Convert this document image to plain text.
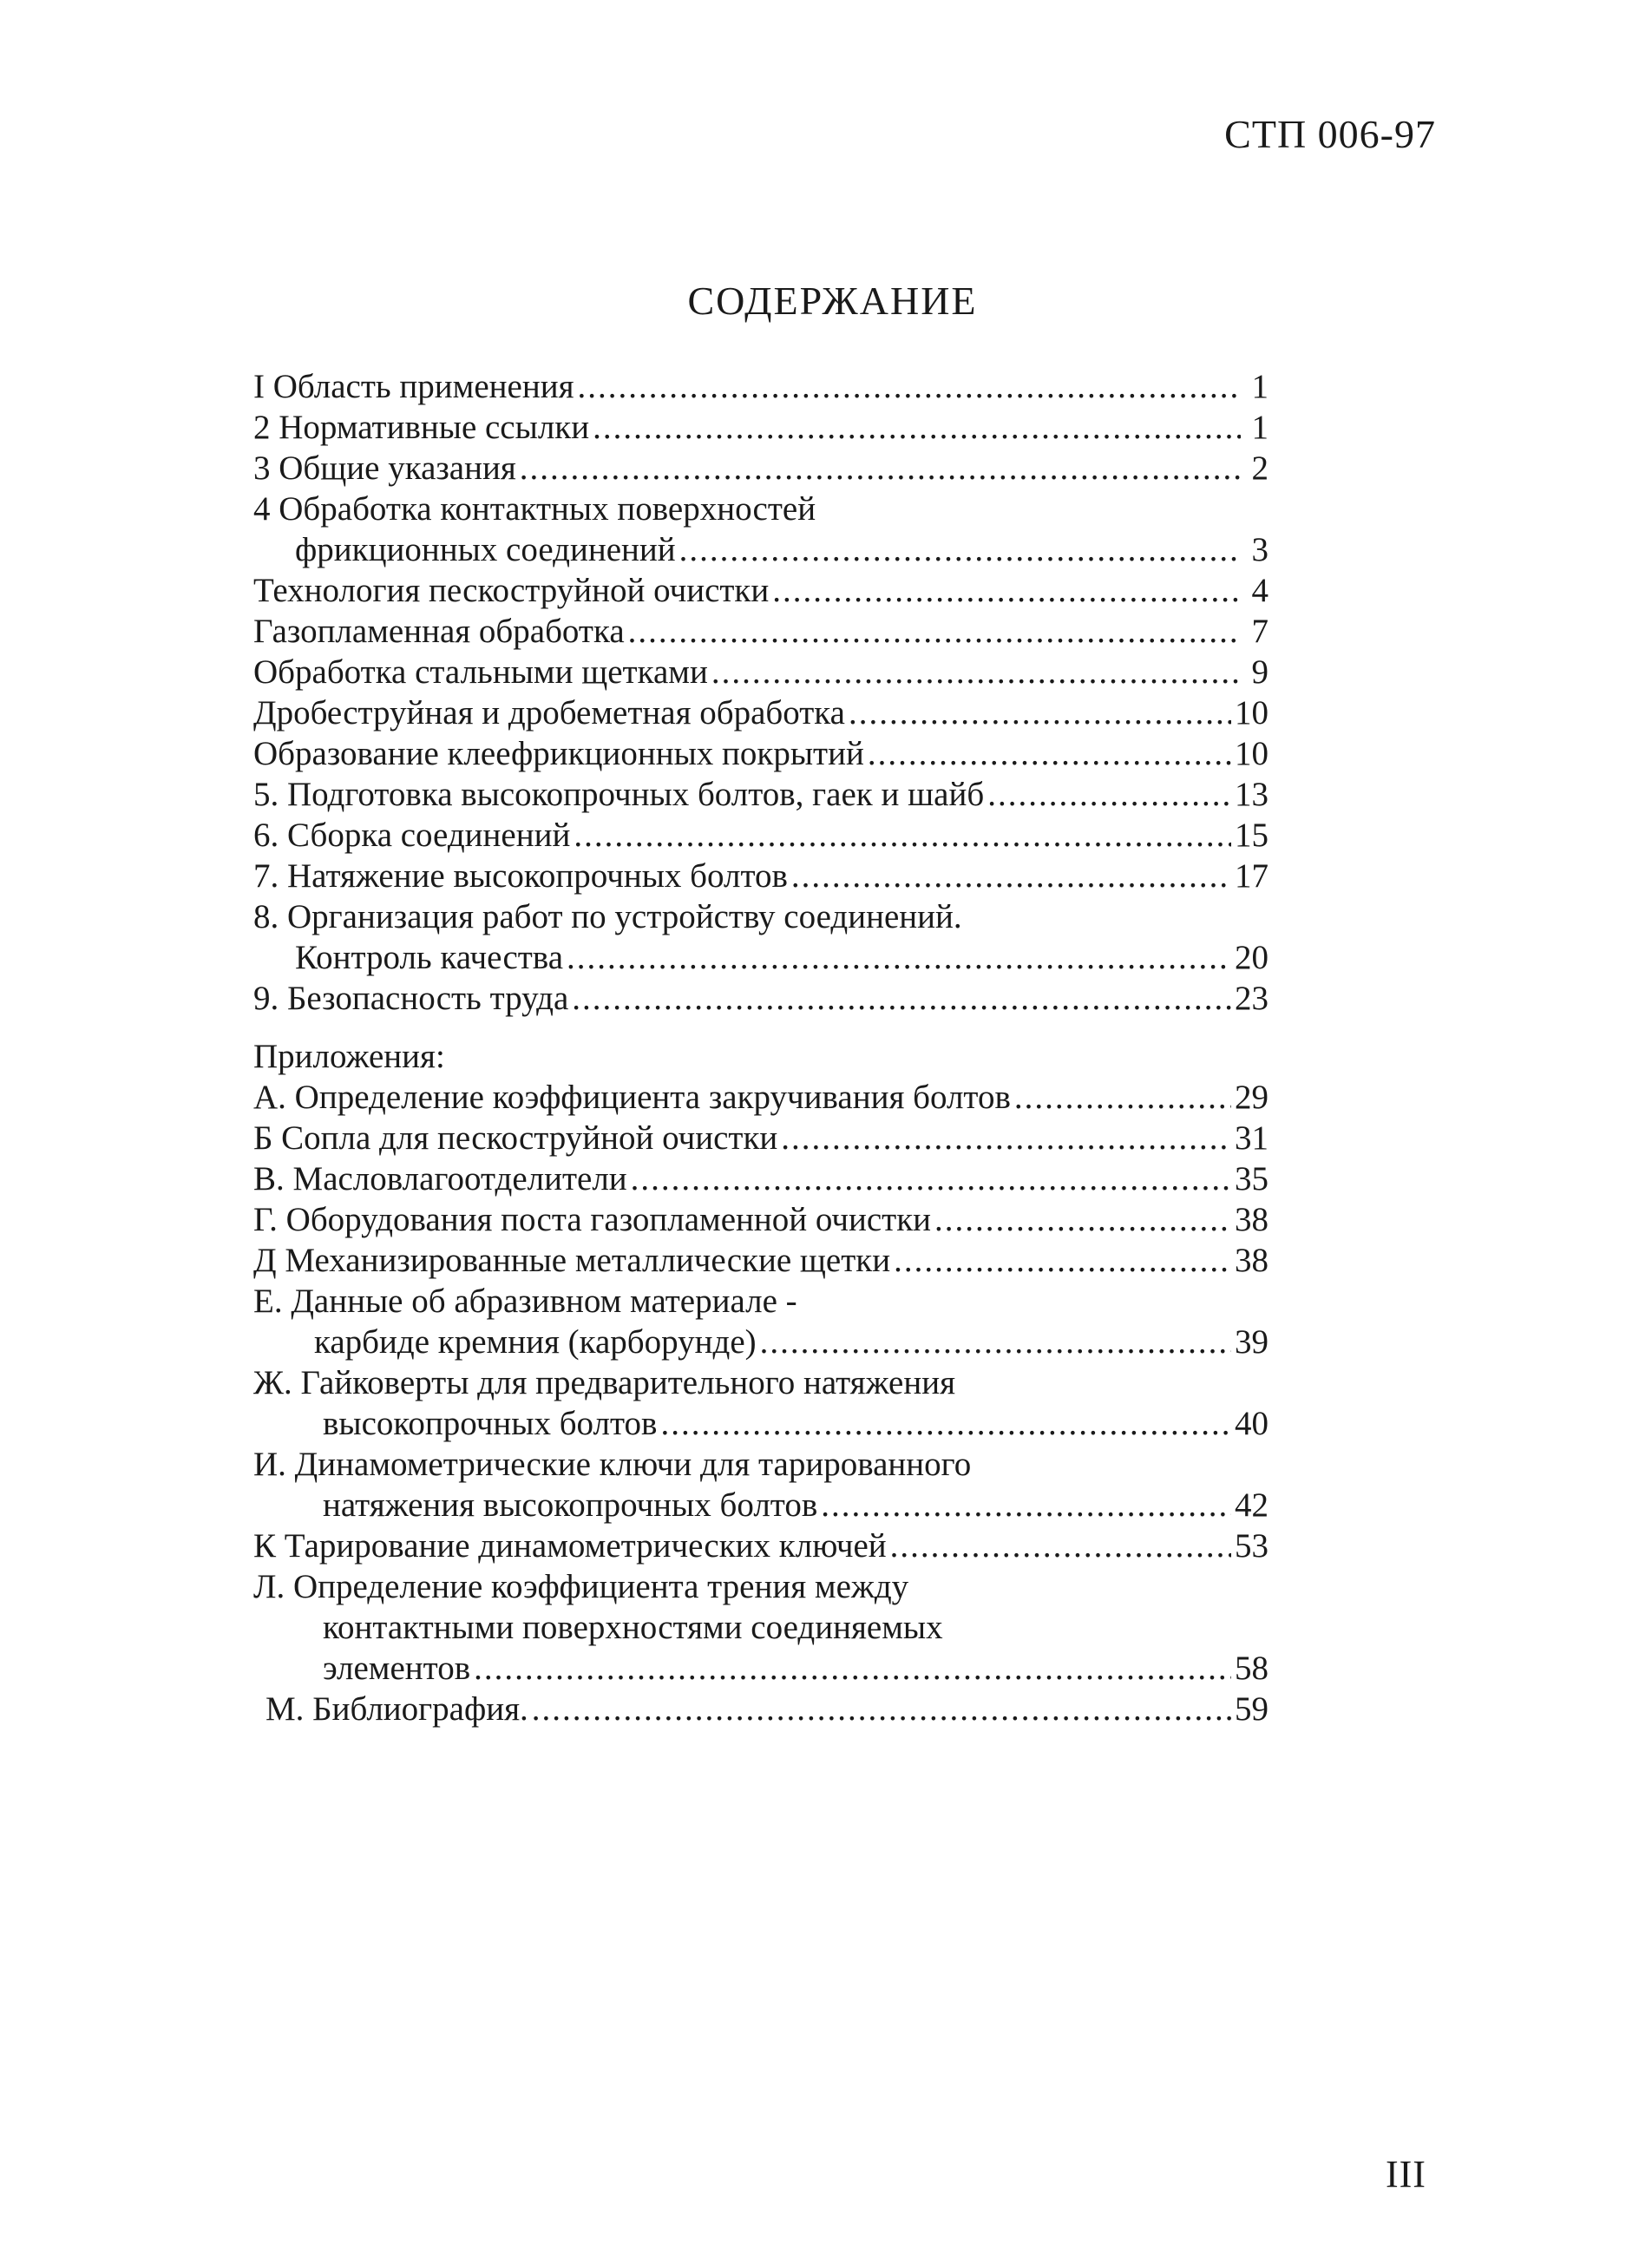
СТП 006-97
СОДЕРЖАНИЕ
I Область применения .....	1
2 Нормативные ссылки .....	1
3 Общие указания .....	2
4 Обработка контактных поверхностей
фрикционных соединений .....	3
Технология пескоструйной очистки .....	4
Газопламенная обработка .....	7
Обработка стальными щетками .....	9
Дробеструйная и дробеметная обработка .....	10
Образование клеефрикционных покрытий .....	10
5. Подготовка высокопрочных болтов, гаек и шайб .....	13
6. Сборка соединений .....	15
7. Натяжение высокопрочных болтов .....	17
8. Организация работ по устройству соединений.
Контроль качества .....	20
9. Безопасность труда .....	23
Приложения:
А. Определение коэффициента закручивания болтов .....	29
Б Сопла для пескоструйной очистки .....	31
В. Масловлагоотделители .....	35
Г. Оборудования поста газопламенной очистки .....	38
Д Механизированные металлические щетки .....	38
Е. Данные об абразивном материале -
карбиде кремния (карборунде) .....	39
Ж. Гайковерты для предварительного натяжения
высокопрочных болтов .....	40
И. Динамометрические ключи для тарированного
натяжения высокопрочных болтов .....	42
К Тарирование динамометрических ключей .....	53
Л. Определение коэффициента трения между
контактными поверхностями соединяемых
элементов .....	58
М. Библиография. .....	59
III
